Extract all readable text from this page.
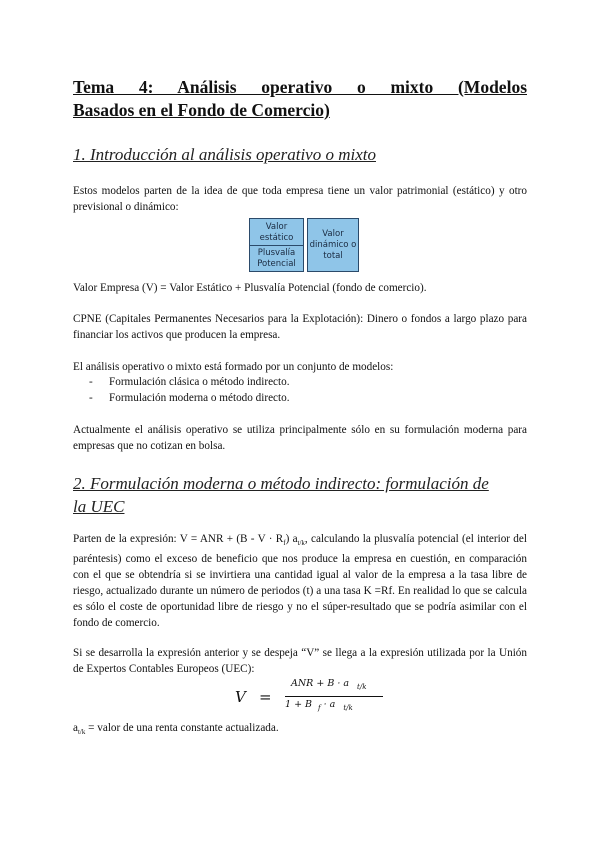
Tema 4: Análisis operativo o mixto (Modelos
Basados en el Fondo de Comercio)
1. Introducción al análisis operativo o mixto

Estos modelos parten de la idea de que toda empresa tiene un valor patrimonial (estático) y otro previsional o dinámico:

Valor estático
Plusvalía Potencial
Valor dinámico o total

Valor Empresa (V) = Valor Estático + Plusvalía Potencial (fondo de comercio).

CPNE (Capitales Permanentes Necesarios para la Explotación): Dinero o fondos a largo plazo para financiar los activos que producen la empresa.

El análisis operativo o mixto está formado por un conjunto de modelos:

- Formulación clásica o método indirecto.
- Formulación moderna o método directo.

Actualmente el análisis operativo se utiliza principalmente sólo en su formulación moderna para empresas que no cotizan en bolsa.

2. Formulación moderna o método indirecto: formulación de
la UEC

Parten de la expresión: V = ANR + $(B - V \cdot R_f)$ $a_{t/k}$, calculando la plusvalía potencial (el interior del paréntesis) como el exceso de beneficio que nos produce la empresa en cuestión, en comparación con el que se obtendría si se invirtiera una cantidad igual al valor de la empresa a la tasa libre de riesgo, actualizado durante un número de periodos (t) a una tasa K =Rf. En realidad lo que se calcula es sólo el coste de oportunidad libre de riesgo y no el súper-resultado que se podría asimilar con el fondo de comercio.

Si se desarrolla la expresión anterior y se despeja “V” se llega a la expresión utilizada por la Unión de Expertos Contables Europeos (UEC):

V =
ANR + B · a $_{t/k}$
1 + B $_f$ · a $_{t/k}$

$a_{t/k}$ = valor de una renta constante actualizada.
